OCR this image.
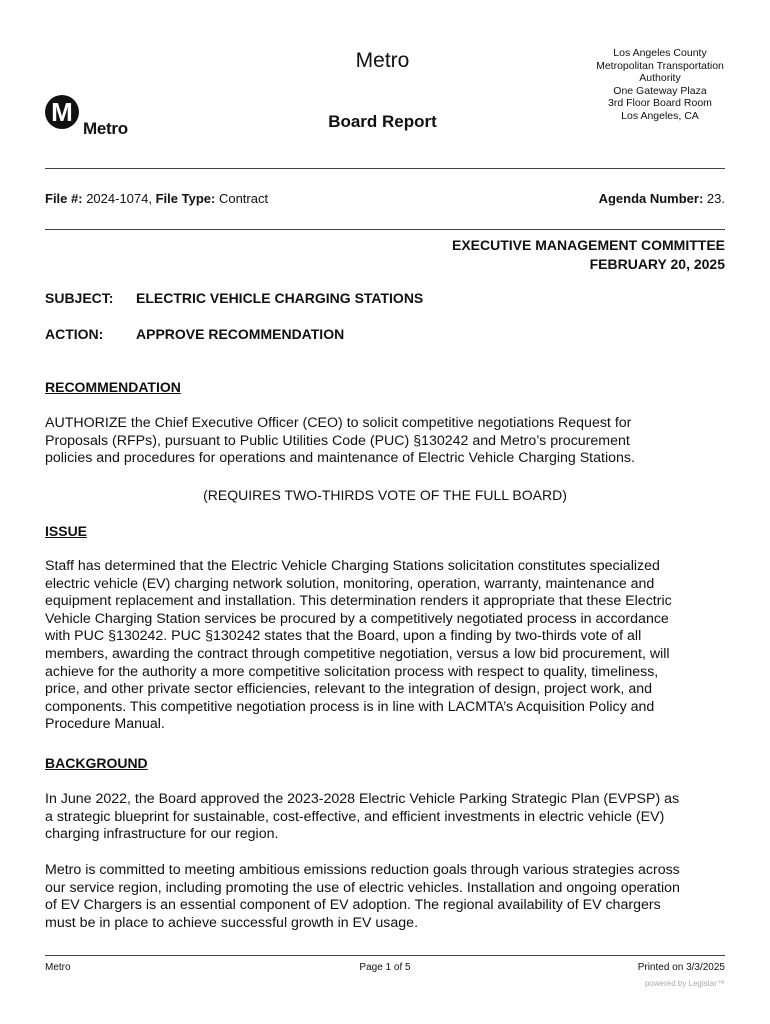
M
Metro
Metro
Board Report
Los Angeles County
Metropolitan Transportation
Authority
One Gateway Plaza
3rd Floor Board Room
Los Angeles, CA
File #: 2024-1074, File Type: Contract	Agenda Number: 23.
EXECUTIVE MANAGEMENT COMMITTEE
FEBRUARY 20, 2025
SUBJECT: ELECTRIC VEHICLE CHARGING STATIONS
ACTION: APPROVE RECOMMENDATION
RECOMMENDATION
AUTHORIZE the Chief Executive Officer (CEO) to solicit competitive negotiations Request for
Proposals (RFPs), pursuant to Public Utilities Code (PUC) §130242 and Metro’s procurement
policies and procedures for operations and maintenance of Electric Vehicle Charging Stations.
(REQUIRES TWO-THIRDS VOTE OF THE FULL BOARD)
ISSUE
Staff has determined that the Electric Vehicle Charging Stations solicitation constitutes specialized
electric vehicle (EV) charging network solution, monitoring, operation, warranty, maintenance and
equipment replacement and installation. This determination renders it appropriate that these Electric
Vehicle Charging Station services be procured by a competitively negotiated process in accordance
with PUC §130242. PUC §130242 states that the Board, upon a finding by two-thirds vote of all
members, awarding the contract through competitive negotiation, versus a low bid procurement, will
achieve for the authority a more competitive solicitation process with respect to quality, timeliness,
price, and other private sector efficiencies, relevant to the integration of design, project work, and
components. This competitive negotiation process is in line with LACMTA’s Acquisition Policy and
Procedure Manual.
BACKGROUND
In June 2022, the Board approved the 2023-2028 Electric Vehicle Parking Strategic Plan (EVPSP) as
a strategic blueprint for sustainable, cost-effective, and efficient investments in electric vehicle (EV)
charging infrastructure for our region.
Metro is committed to meeting ambitious emissions reduction goals through various strategies across
our service region, including promoting the use of electric vehicles. Installation and ongoing operation
of EV Chargers is an essential component of EV adoption. The regional availability of EV chargers
must be in place to achieve successful growth in EV usage.
Metro	Page 1 of 5	Printed on 3/3/2025
powered by Legistar™
